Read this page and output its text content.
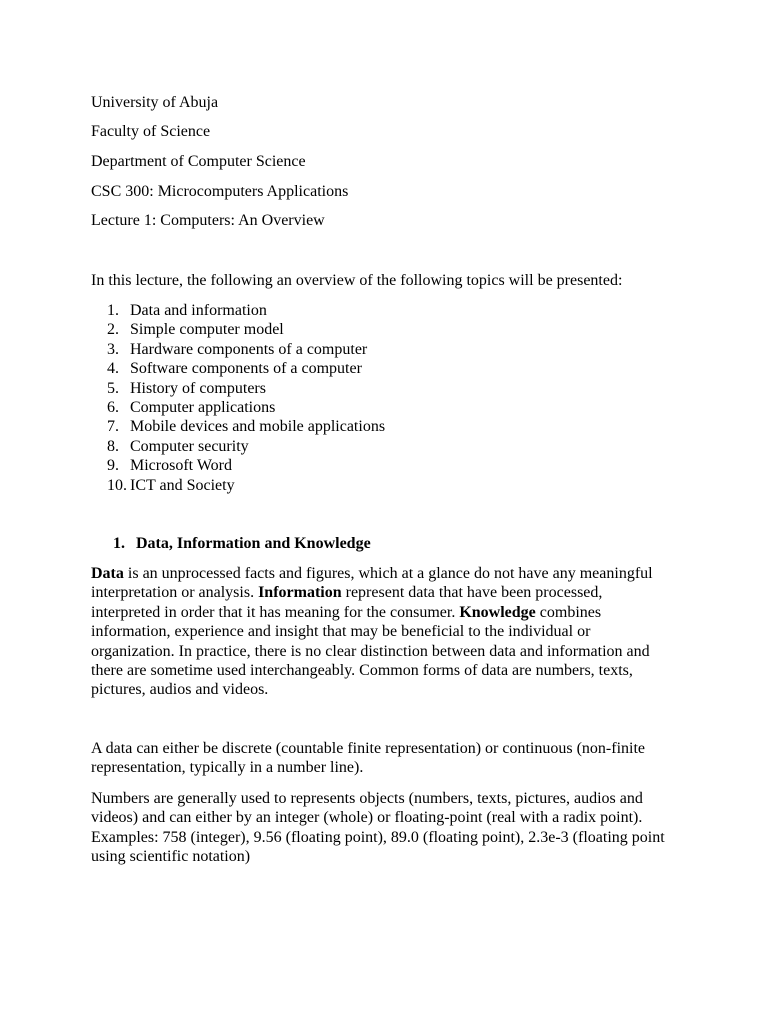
University of Abuja
Faculty of Science
Department of Computer Science
CSC 300: Microcomputers Applications
Lecture 1: Computers: An Overview
In this lecture, the following an overview of the following topics will be presented:
1. Data and information
2. Simple computer model
3. Hardware components of a computer
4. Software components of a computer
5. History of computers
6. Computer applications
7. Mobile devices and mobile applications
8. Computer security
9. Microsoft Word
10. ICT and Society
1. Data, Information and Knowledge
Data is an unprocessed facts and figures, which at a glance do not have any meaningful
interpretation or analysis. Information represent data that have been processed,
interpreted in order that it has meaning for the consumer. Knowledge combines
information, experience and insight that may be beneficial to the individual or
organization. In practice, there is no clear distinction between data and information and
there are sometime used interchangeably. Common forms of data are numbers, texts,
pictures, audios and videos.
A data can either be discrete (countable finite representation) or continuous (non-finite
representation, typically in a number line).
Numbers are generally used to represents objects (numbers, texts, pictures, audios and
videos) and can either by an integer (whole) or floating-point (real with a radix point).
Examples: 758 (integer), 9.56 (floating point), 89.0 (floating point), 2.3e-3 (floating point
using scientific notation)
